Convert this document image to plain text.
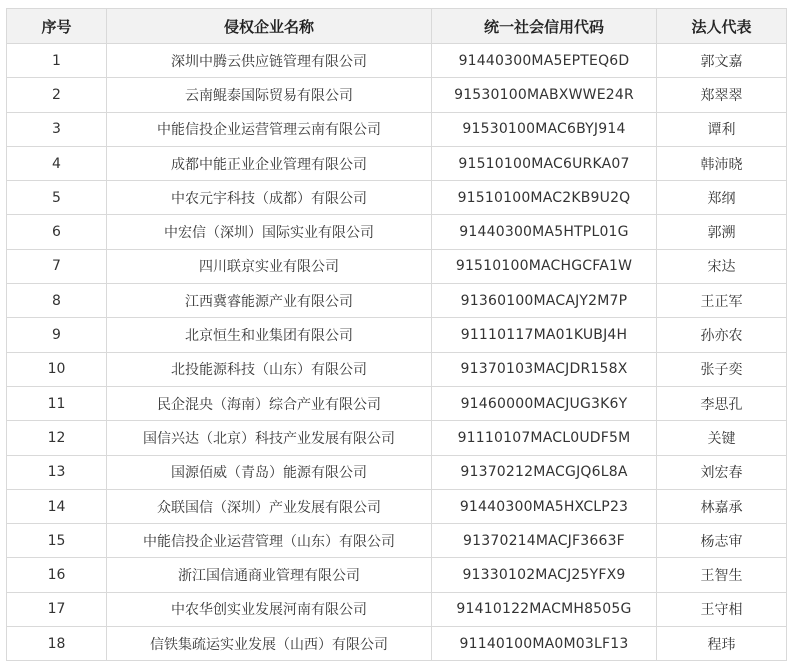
序号	侵权企业名称	统一社会信用代码	法人代表
1	深圳中腾云供应链管理有限公司	91440300MA5EPTEQ6D	郭文嘉
2	云南鲲泰国际贸易有限公司	91530100MABXWWE24R	郑翠翠
3	中能信投企业运营管理云南有限公司	91530100MAC6BYJ914	谭利
4	成都中能正业企业管理有限公司	91510100MAC6URKA07	韩沛晓
5	中农元宇科技（成都）有限公司	91510100MAC2KB9U2Q	郑纲
6	中宏信（深圳）国际实业有限公司	91440300MA5HTPL01G	郭溯
7	四川联京实业有限公司	91510100MACHGCFA1W	宋达
8	江西冀睿能源产业有限公司	91360100MACAJY2M7P	王正军
9	北京恒生和业集团有限公司	91110117MA01KUBJ4H	孙亦农
10	北投能源科技（山东）有限公司	91370103MACJDR158X	张子奕
11	民企混央（海南）综合产业有限公司	91460000MACJUG3K6Y	李思孔
12	国信兴达（北京）科技产业发展有限公司	91110107MACL0UDF5M	关键
13	国源佰威（青岛）能源有限公司	91370212MACGJQ6L8A	刘宏春
14	众联国信（深圳）产业发展有限公司	91440300MA5HXCLP23	林嘉承
15	中能信投企业运营管理（山东）有限公司	91370214MACJF3663F	杨志审
16	浙江国信通商业管理有限公司	91330102MACJ25YFX9	王智生
17	中农华创实业发展河南有限公司	91410122MACMH8505G	王守相
18	信铁集疏运实业发展（山西）有限公司	91140100MA0M03LF13	程玮
